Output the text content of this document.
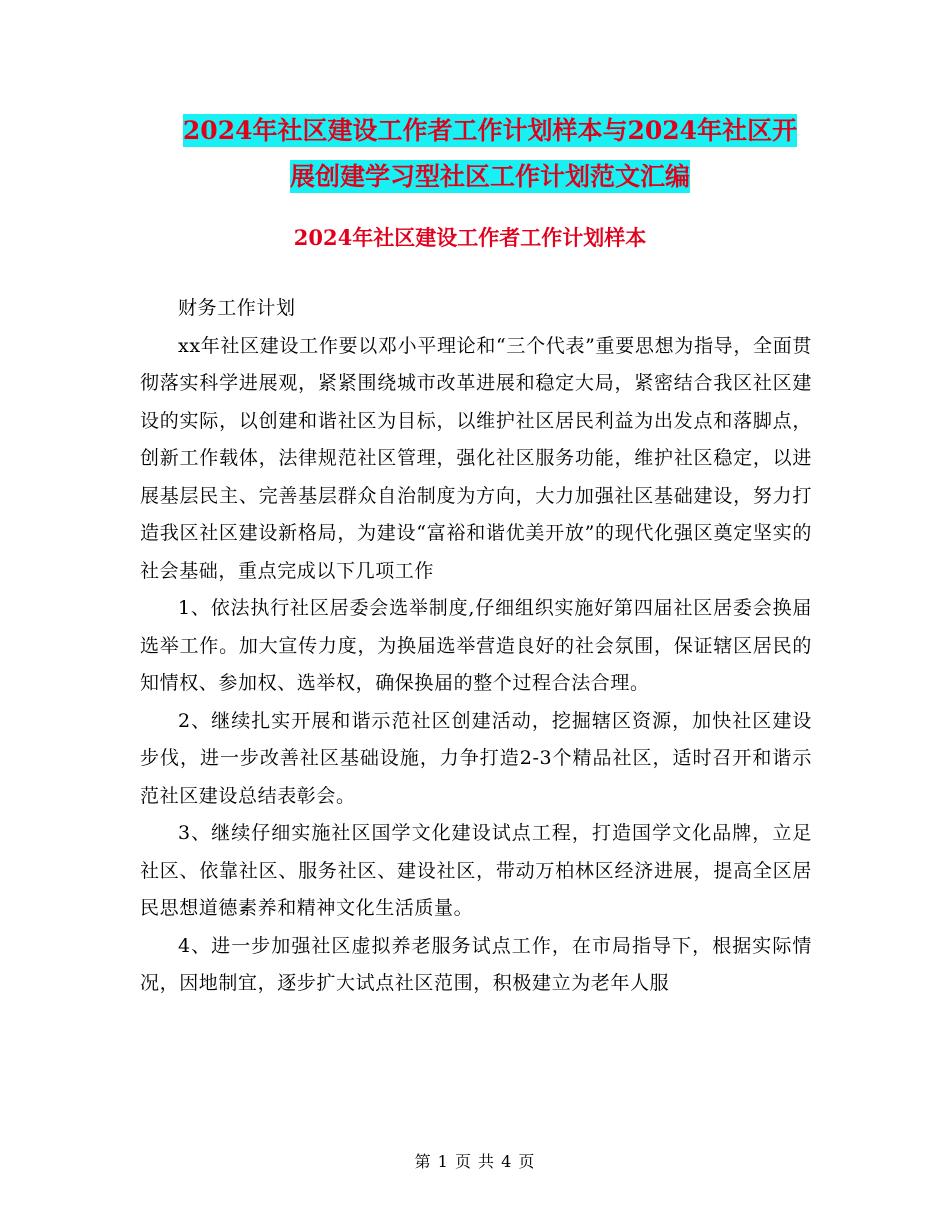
2024年社区建设工作者工作计划样本与2024年社区开
展创建学习型社区工作计划范文汇编
2024年社区建设工作者工作计划样本

财务工作计划

xx年社区建设工作要以邓小平理论和“三个代表”重要思想为指导，全面贯彻落实科学进展观，紧紧围绕城市改革进展和稳定大局，紧密结合我区社区建设的实际，以创建和谐社区为目标，以维护社区居民利益为出发点和落脚点，创新工作载体，法律规范社区管理，强化社区服务功能，维护社区稳定，以进展基层民主、完善基层群众自治制度为方向，大力加强社区基础建设，努力打造我区社区建设新格局，为建设“富裕和谐优美开放”的现代化强区奠定坚实的社会基础，重点完成以下几项工作

1、依法执行社区居委会选举制度,仔细组织实施好第四届社区居委会换届选举工作。加大宣传力度，为换届选举营造良好的社会氛围，保证辖区居民的知情权、参加权、选举权，确保换届的整个过程合法合理。

2、继续扎实开展和谐示范社区创建活动，挖掘辖区资源，加快社区建设步伐，进一步改善社区基础设施，力争打造2-3个精品社区，适时召开和谐示范社区建设总结表彰会。

3、继续仔细实施社区国学文化建设试点工程，打造国学文化品牌，立足社区、依靠社区、服务社区、建设社区，带动万柏林区经济进展，提高全区居民思想道德素养和精神文化生活质量。

4、进一步加强社区虚拟养老服务试点工作，在市局指导下，根据实际情况，因地制宜，逐步扩大试点社区范围，积极建立为老年人服

第 1 页 共 4 页
